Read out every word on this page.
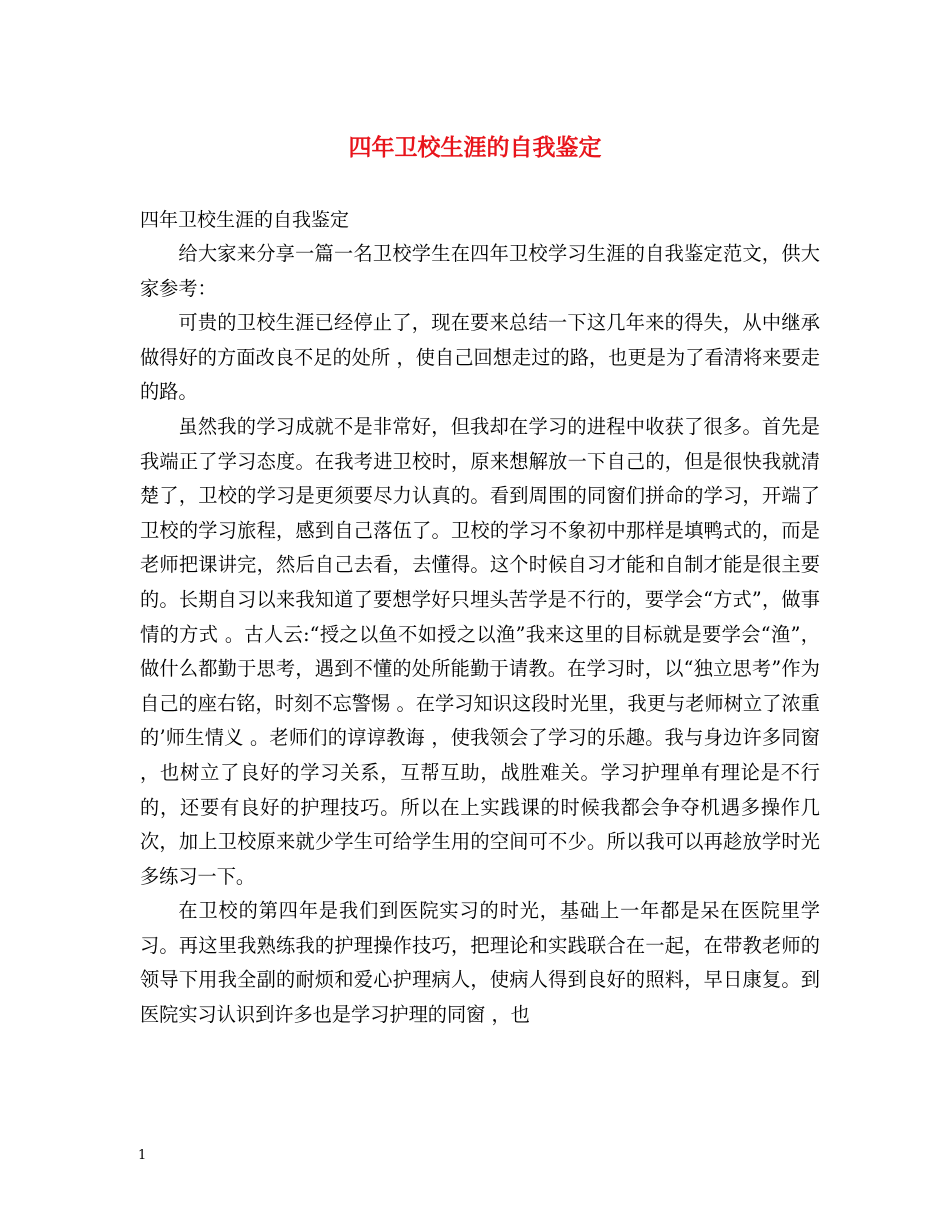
四年卫校生涯的自我鉴定
四年卫校生涯的自我鉴定

给大家来分享一篇一名卫校学生在四年卫校学习生涯的自我鉴定范文，供大家参考：

可贵的卫校生涯已经停止了，现在要来总结一下这几年来的得失，从中继承做得好的方面改良不足的处所 ，使自己回想走过的路，也更是为了看清将来要走的路。

虽然我的学习成就不是非常好，但我却在学习的进程中收获了很多。首先是我端正了学习态度。在我考进卫校时，原来想解放一下自己的，但是很快我就清楚了，卫校的学习是更须要尽力认真的。看到周围的同窗们拼命的学习，开端了卫校的学习旅程，感到自己落伍了。卫校的学习不象初中那样是填鸭式的，而是老师把课讲完，然后自己去看，去懂得。这个时候自习才能和自制才能是很主要的。长期自习以来我知道了要想学好只埋头苦学是不行的，要学会“方式”，做事情的方式 。古人云:“授之以鱼不如授之以渔”我来这里的目标就是要学会“渔”，做什么都勤于思考，遇到不懂的处所能勤于请教。在学习时，以“独立思考”作为自己的座右铭，时刻不忘警惕 。在学习知识这段时光里，我更与老师树立了浓重的’师生情义 。老师们的谆谆教诲 ，使我领会了学习的乐趣。我与身边许多同窗 ，也树立了良好的学习关系，互帮互助，战胜难关。学习护理单有理论是不行的，还要有良好的护理技巧。所以在上实践课的时候我都会争夺机遇多操作几次，加上卫校原来就少学生可给学生用的空间可不少。所以我可以再趁放学时光多练习一下。

在卫校的第四年是我们到医院实习的时光，基础上一年都是呆在医院里学习。再这里我熟练我的护理操作技巧，把理论和实践联合在一起，在带教老师的领导下用我全副的耐烦和爱心护理病人，使病人得到良好的照料，早日康复。到医院实习认识到许多也是学习护理的同窗 ，也

1
